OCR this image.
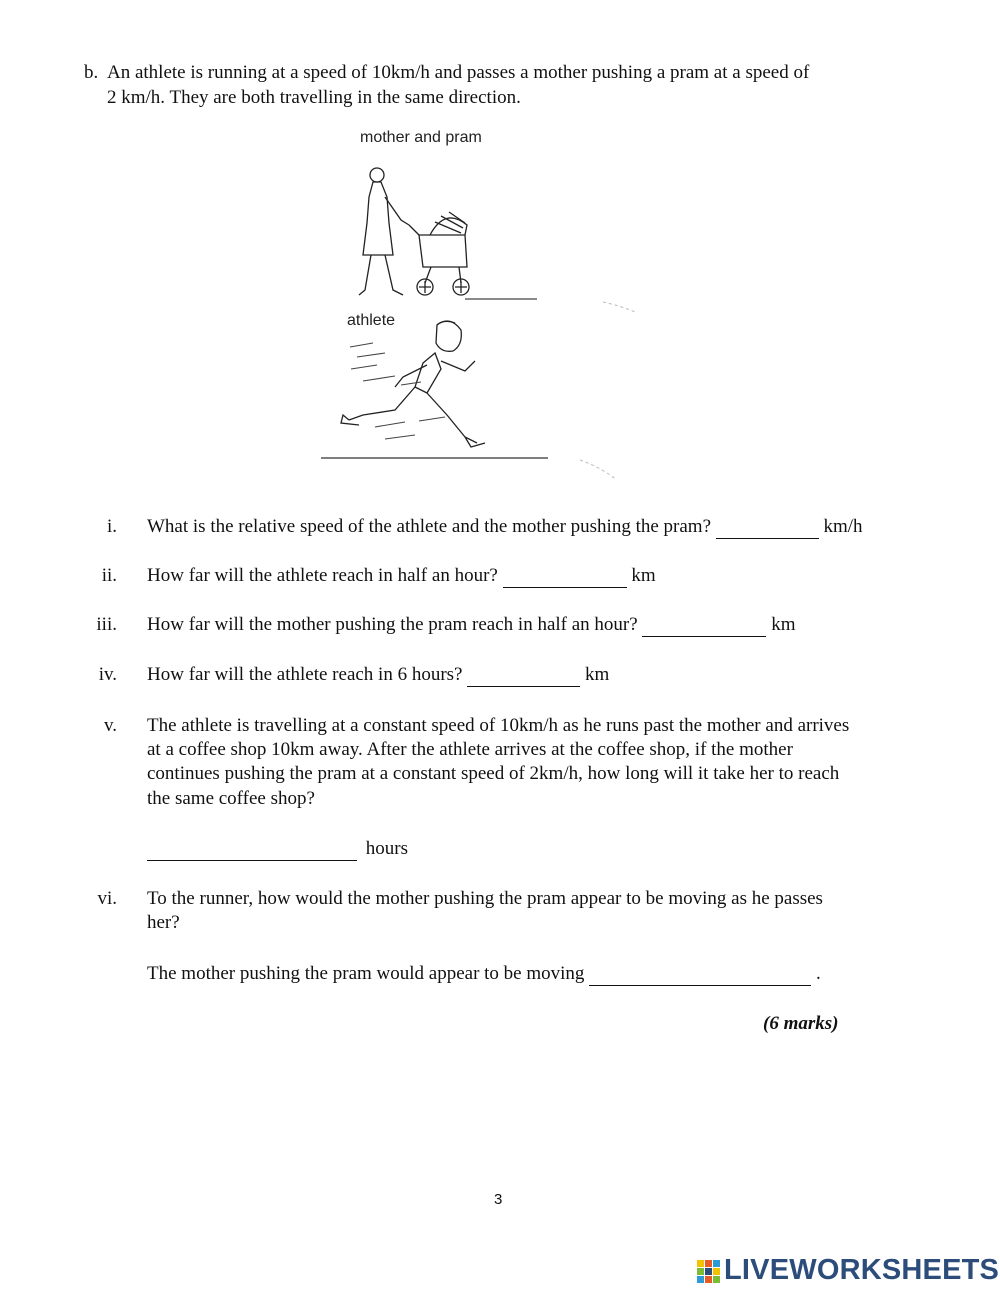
b. An athlete is running at a speed of 10km/h and passes a mother pushing a pram at a speed of
2 km/h. They are both travelling in the same direction.
mother and pram
athlete
i. What is the relative speed of the athlete and the mother pushing the pram?	km/h
ii. How far will the athlete reach in half an hour?	km
iii. How far will the mother pushing the pram reach in half an hour?	km
iv. How far will the athlete reach in 6 hours?	km
v. The athlete is travelling at a constant speed of 10km/h as he runs past the mother and arrives
at a coffee shop 10km away. After the athlete arrives at the coffee shop, if the mother
continues pushing the pram at a constant speed of 2km/h, how long will it take her to reach
the same coffee shop?
hours
vi. To the runner, how would the mother pushing the pram appear to be moving as he passes
her?
The mother pushing the pram would appear to be moving	.
(6 marks)
3
LIVEWORKSHEETS
